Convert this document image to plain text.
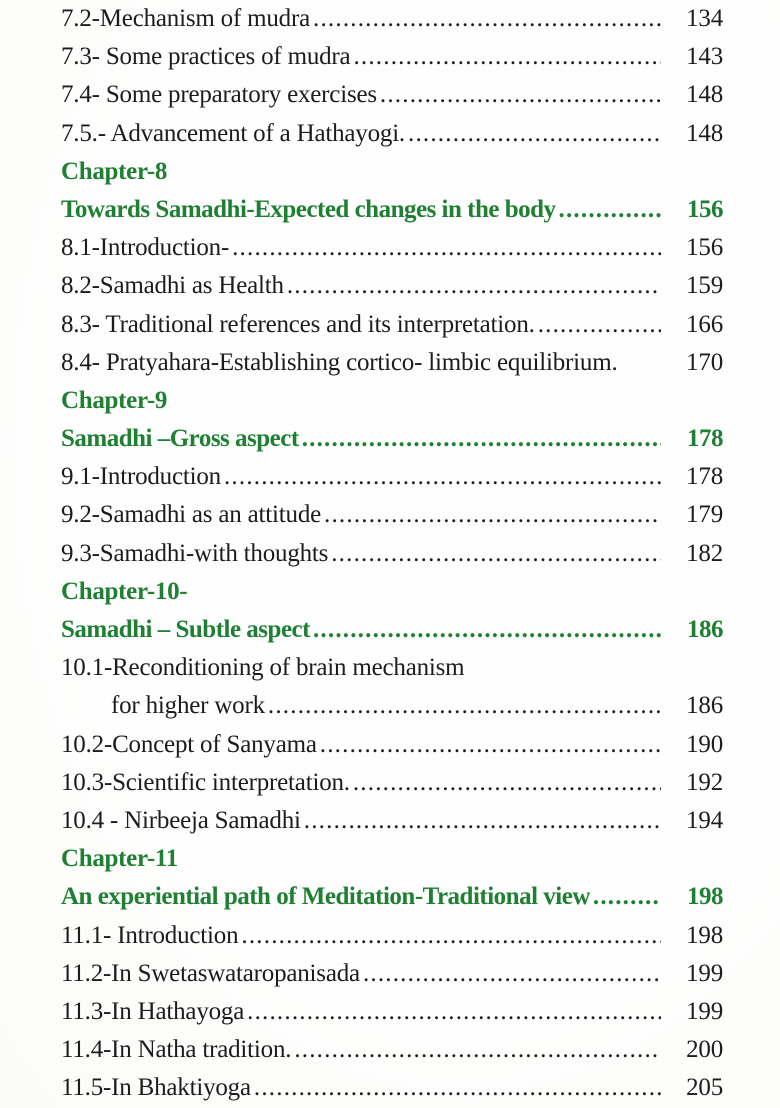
7.2-Mechanism of mudra .....	134
7.3- Some practices of mudra .....	143
7.4- Some preparatory exercises .....	148
7.5.- Advancement of a Hathayogi. .....	148
Chapter-8
Towards Samadhi-Expected changes in the body .....	156
8.1-Introduction- .....	156
8.2-Samadhi as Health .....	159
8.3- Traditional references and its interpretation. .....	166
8.4- Pratyahara-Establishing cortico- limbic equilibrium.	170
Chapter-9
Samadhi –Gross aspect .....	178
9.1-Introduction .....	178
9.2-Samadhi as an attitude .....	179
9.3-Samadhi-with thoughts .....	182
Chapter-10-
Samadhi – Subtle aspect .....	186
10.1-Reconditioning of brain mechanism
for higher work .....	186
10.2-Concept of Sanyama .....	190
10.3-Scientific interpretation. .....	192
10.4 - Nirbeeja Samadhi .....	194
Chapter-11
An experiential path of Meditation-Traditional view .....	198
11.1- Introduction .....	198
11.2-In Swetaswataropanisada .....	199
11.3-In Hathayoga .....	199
11.4-In Natha tradition. .....	200
11.5-In Bhaktiyoga .....	205
